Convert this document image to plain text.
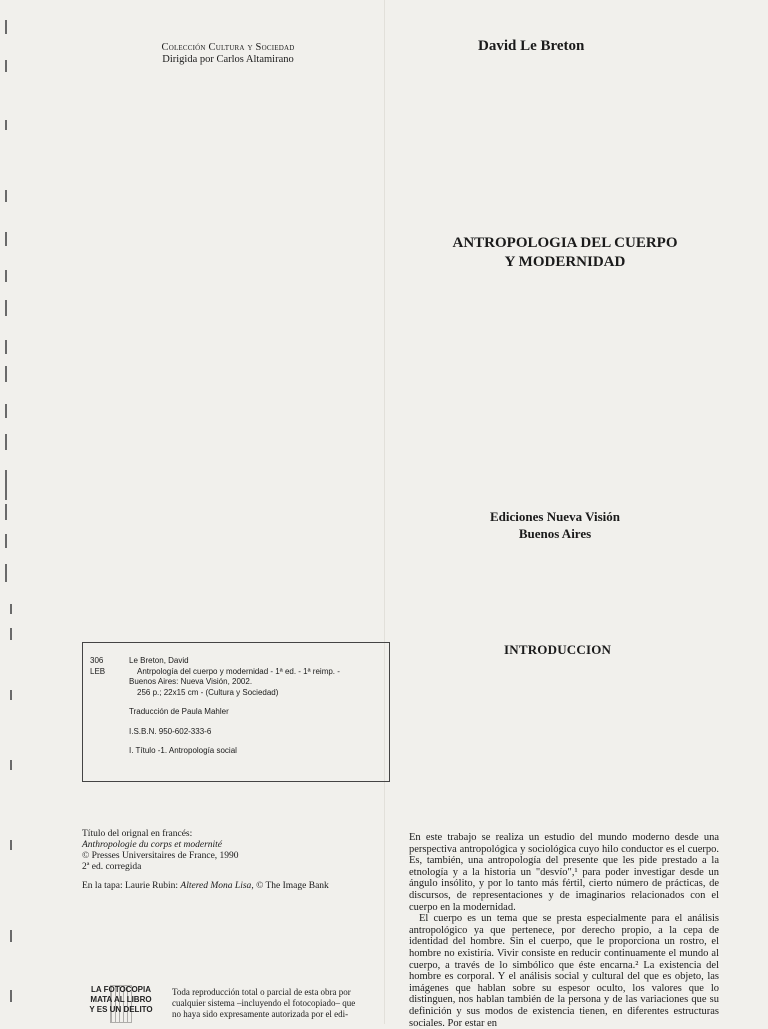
Colección Cultura y Sociedad
Dirigida por Carlos Altamirano
David Le Breton
ANTROPOLOGIA DEL CUERPO
Y MODERNIDAD
Ediciones Nueva Visión
Buenos Aires
INTRODUCCION
306
LEB
Le Breton, David
Antrpología del cuerpo y modernidad - 1ª ed. - 1ª reimp. -
Buenos Aires: Nueva Visión, 2002.
256 p.; 22x15 cm - (Cultura y Sociedad)
Traducción de Paula Mahler
I.S.B.N. 950-602-333-6
I. Título -1. Antropología social
Título del orignal en francés:
Anthropologie du corps et modernité
© Presses Universitaires de France, 1990
2ª ed. corregida
En la tapa: Laurie Rubin: Altered Mona Lisa, © The Image Bank
LA FOTOCOPIA
MATA AL LIBRO
Y ES UN DELITO
Toda reproducción total o parcial de esta obra por
cualquier sistema –incluyendo el fotocopiado– que
no haya sido expresamente autorizada por el edi-

En este trabajo se realiza un estudio del mundo moderno desde una perspectiva antropológica y sociológica cuyo hilo conductor es el cuerpo. Es, también, una antropología del presente que les pide prestado a la etnología y a la historia un "desvío",¹ para poder investigar desde un ángulo insólito, y por lo tanto más fértil, cierto número de prácticas, de discursos, de representaciones y de imaginarios relacionados con el cuerpo en la modernidad.

El cuerpo es un tema que se presta especialmente para el análisis antropológico ya que pertenece, por derecho propio, a la cepa de identidad del hombre. Sin el cuerpo, que le proporciona un rostro, el hombre no existiría. Vivir consiste en reducir continuamente el mundo al cuerpo, a través de lo simbólico que éste encarna.² La existencia del hombre es corporal. Y el análisis social y cultural del que es objeto, las imágenes que hablan sobre su espesor oculto, los valores que lo distinguen, nos hablan también de la persona y de las variaciones que su definición y sus modos de existencia tienen, en diferentes estructuras sociales. Por estar en
